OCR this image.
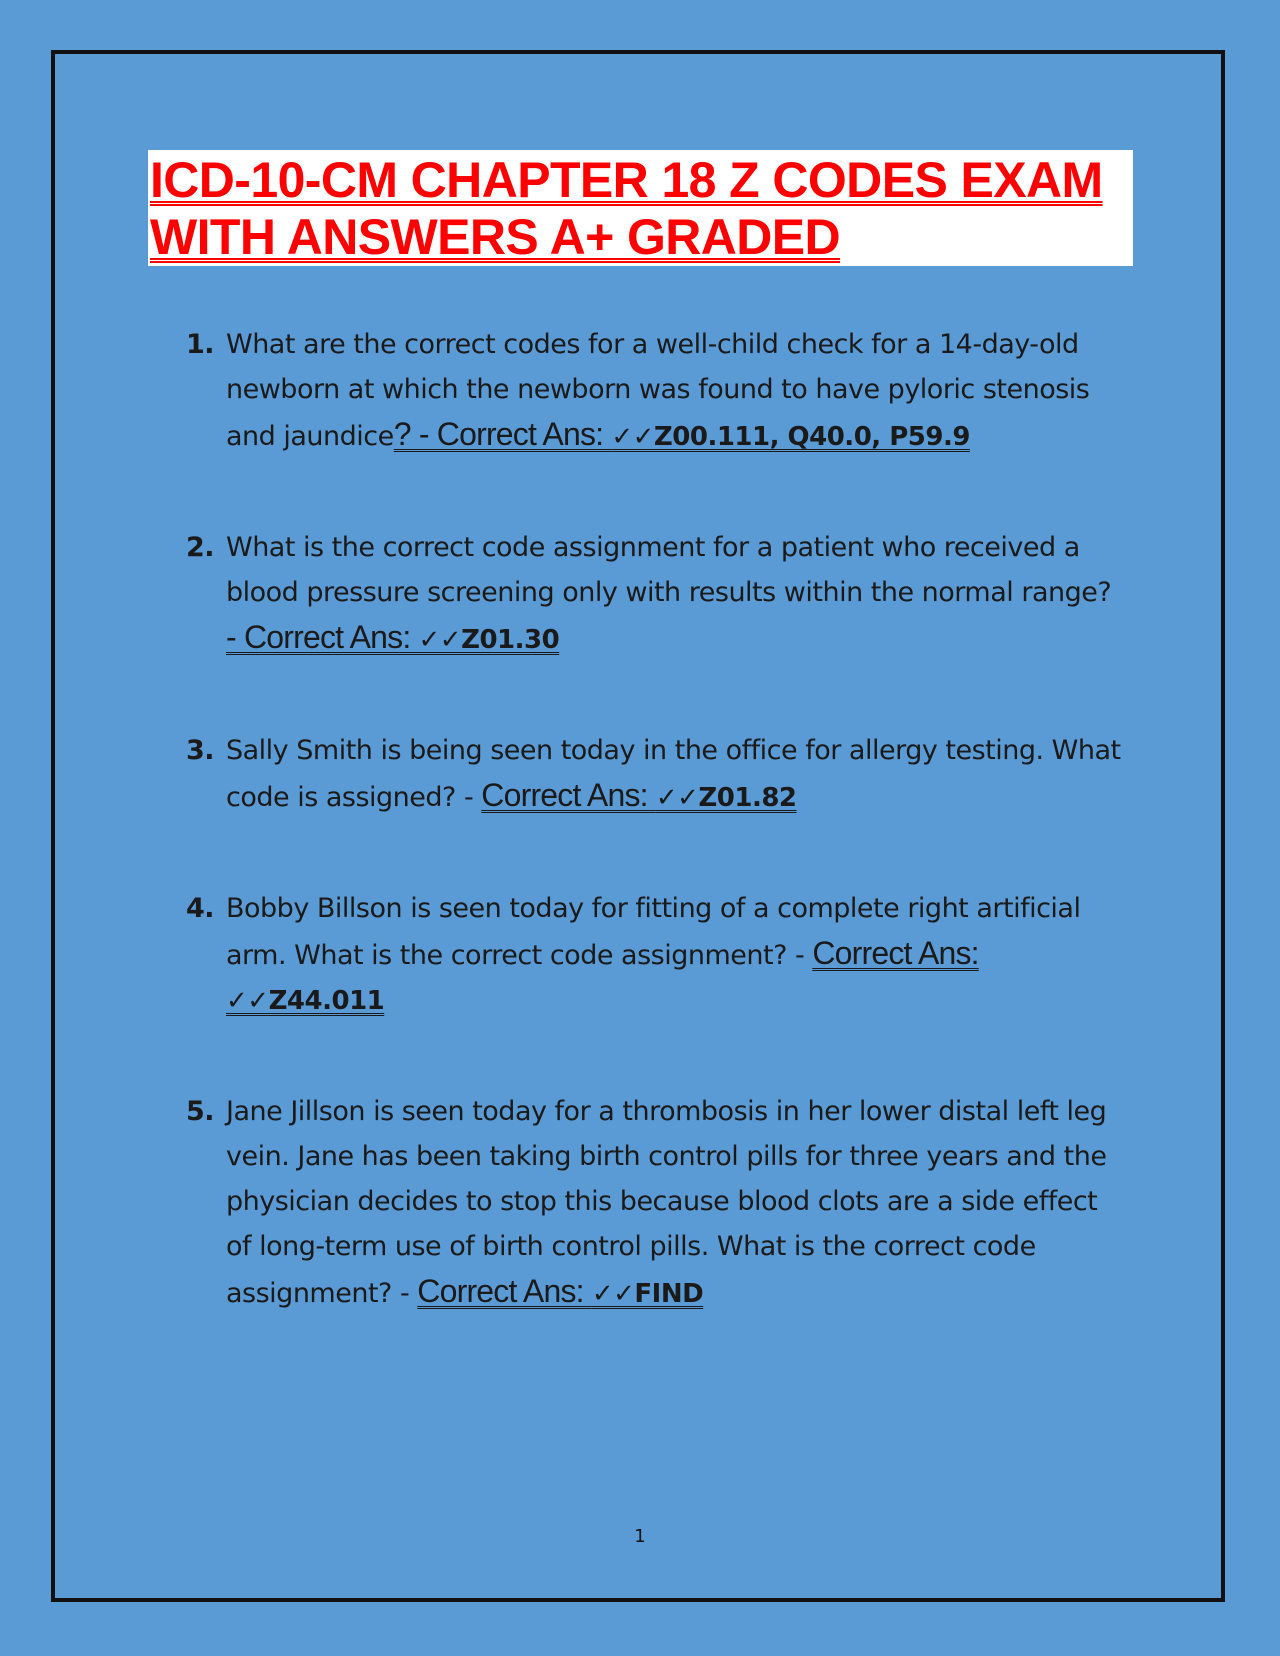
ICD-10-CM CHAPTER 18 Z CODES EXAM
WITH ANSWERS A+ GRADED
1. What are the correct codes for a well-child check for a 14-day-old newborn at which the newborn was found to have pyloric stenosis and jaundice? - Correct Ans: ✓✓Z00.111, Q40.0, P59.9
2. What is the correct code assignment for a patient who received a blood pressure screening only with results within the normal range? - Correct Ans: ✓✓Z01.30
3. Sally Smith is being seen today in the office for allergy testing. What code is assigned? - Correct Ans: ✓✓Z01.82
4. Bobby Billson is seen today for fitting of a complete right artificial arm. What is the correct code assignment? - Correct Ans:
✓✓Z44.011
5. Jane Jillson is seen today for a thrombosis in her lower distal left leg vein. Jane has been taking birth control pills for three years and the physician decides to stop this because blood clots are a side effect of long-term use of birth control pills. What is the correct code assignment? - Correct Ans: ✓✓FIND
1
